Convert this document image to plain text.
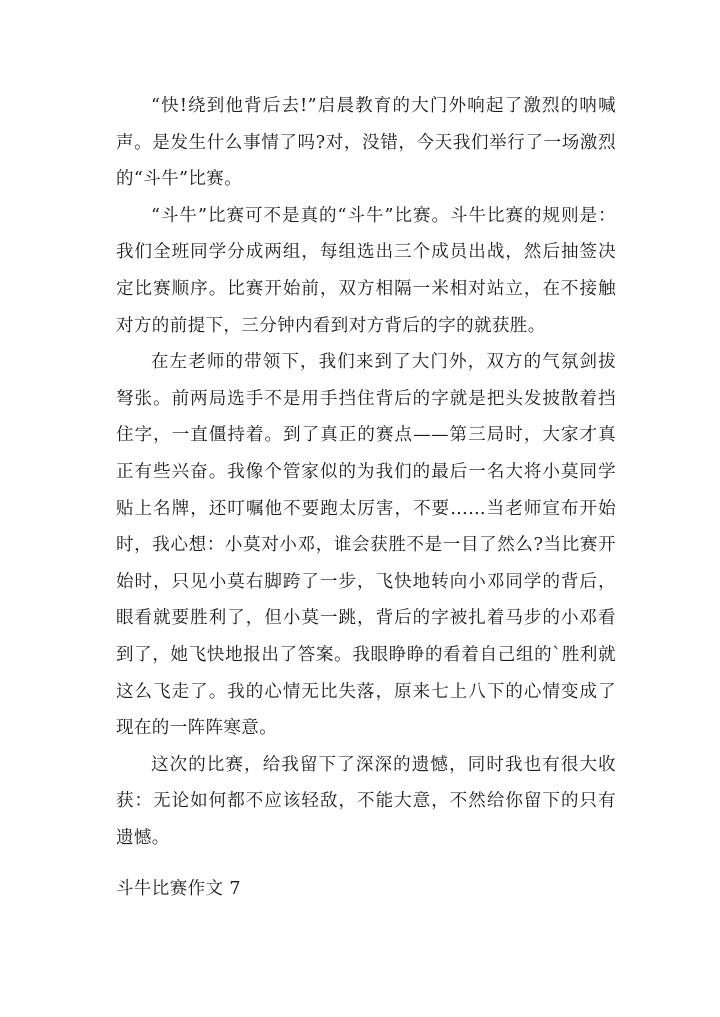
“快!绕到他背后去!”启晨教育的大门外响起了激烈的呐喊声。是发生什么事情了吗?对，没错，今天我们举行了一场激烈的“斗牛”比赛。

“斗牛”比赛可不是真的“斗牛”比赛。斗牛比赛的规则是：我们全班同学分成两组，每组选出三个成员出战，然后抽签决定比赛顺序。比赛开始前，双方相隔一米相对站立，在不接触对方的前提下，三分钟内看到对方背后的字的就获胜。

在左老师的带领下，我们来到了大门外，双方的气氛剑拔弩张。前两局选手不是用手挡住背后的字就是把头发披散着挡住字，一直僵持着。到了真正的赛点——第三局时，大家才真正有些兴奋。我像个管家似的为我们的最后一名大将小莫同学贴上名牌，还叮嘱他不要跑太厉害，不要……当老师宣布开始时，我心想：小莫对小邓，谁会获胜不是一目了然么?当比赛开始时，只见小莫右脚跨了一步，飞快地转向小邓同学的背后，眼看就要胜利了，但小莫一跳，背后的字被扎着马步的小邓看到了，她飞快地报出了答案。我眼睁睁的看着自己组的`胜利就这么飞走了。我的心情无比失落，原来七上八下的心情变成了现在的一阵阵寒意。

这次的比赛，给我留下了深深的遗憾，同时我也有很大收获：无论如何都不应该轻敌，不能大意，不然给你留下的只有遗憾。

斗牛比赛作文 7
